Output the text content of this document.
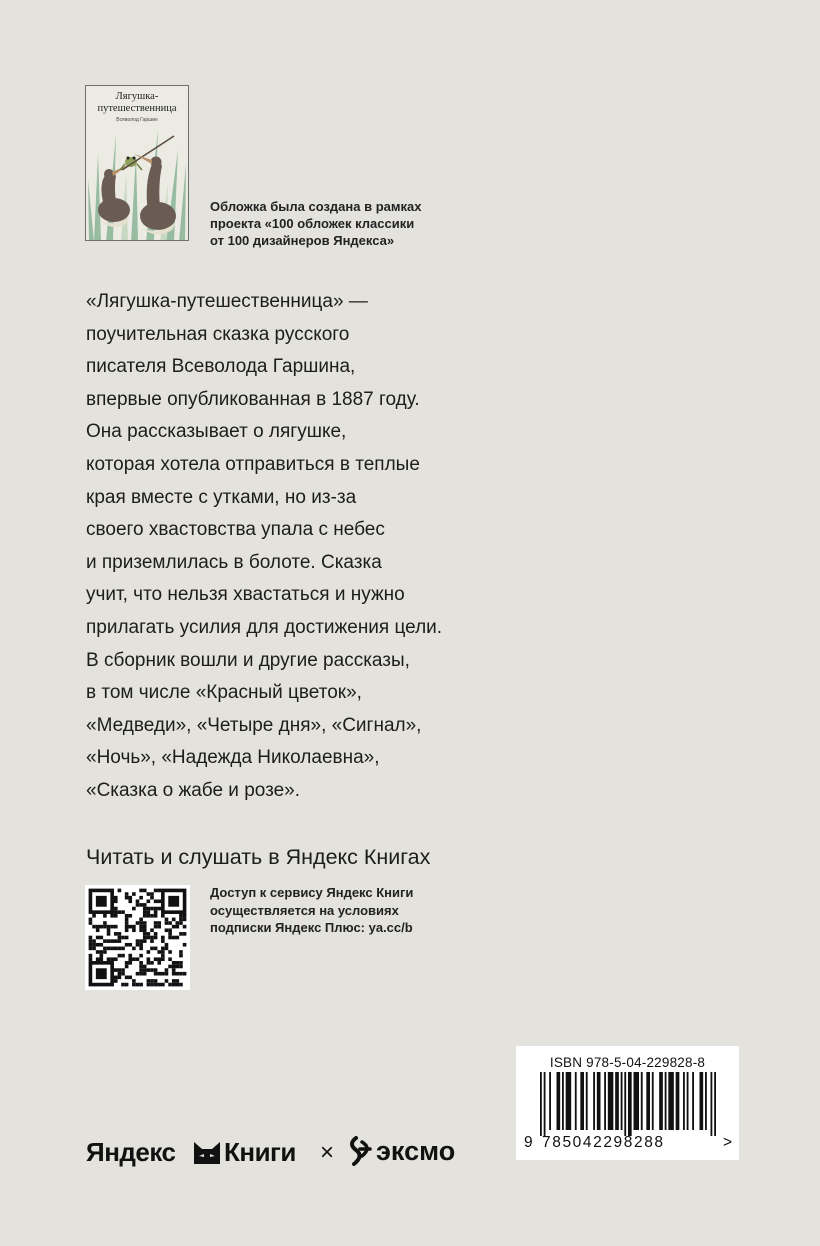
Лягушка-путешественница
Всеволод Гаршин
Обложка была создана в рамках
проекта «100 обложек классики
от 100 дизайнеров Яндекса»
«Лягушка-путешественница» —
поучительная сказка русского
писателя Всеволода Гаршина,
впервые опубликованная в 1887 году.
Она рассказывает о лягушке,
которая хотела отправиться в теплые
края вместе с утками, но из-за
своего хвастовства упала с небес
и приземлилась в болоте. Сказка
учит, что нельзя хвастаться и нужно
прилагать усилия для достижения цели.
В сборник вошли и другие рассказы,
в том числе «Красный цветок»,
«Медведи», «Четыре дня», «Сигнал»,
«Ночь», «Надежда Николаевна»,
«Сказка о жабе и розе».
Читать и слушать в Яндекс Книгах
Доступ к сервису Яндекс Книги
осуществляется на условиях
подписки Яндекс Плюс: ya.cc/b
ISBN 978-5-04-229828-8
9 785042298288	>
Яндекс Книги × эксмо
